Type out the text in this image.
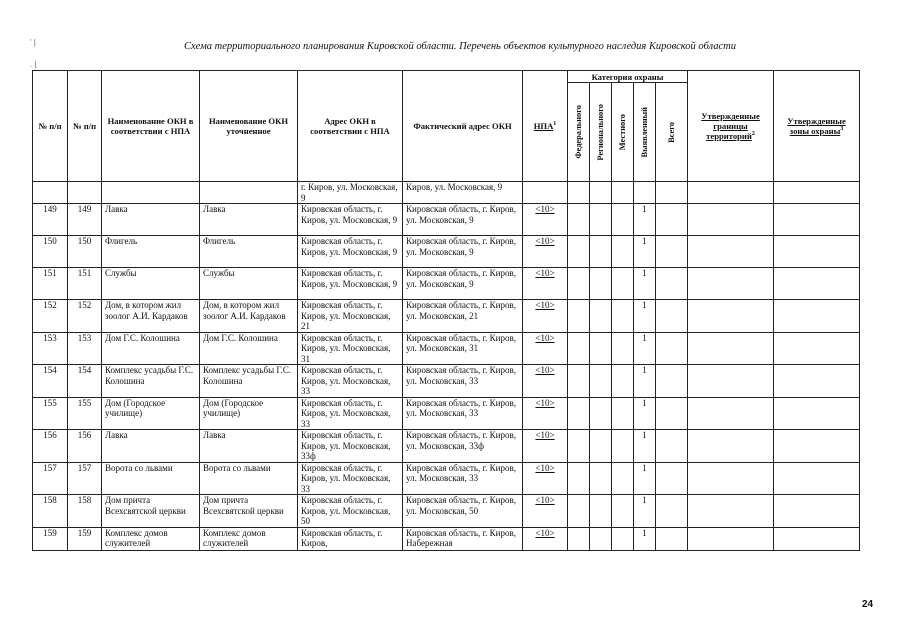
Схема территориального планирования Кировской области. Перечень объектов культурного наследия Кировской области
' |
. |
№ п/п	№ п/п	Наименование ОКН в соответствии с НПА	Наименование ОКН уточненное	Адрес ОКН в соответствии с НПА	Фактический адрес ОКН	НПА$^1$	Категория охраны					Утвержденные границы территорий$^2$	Утвержденные зоны охраны$^3$

							Федерального	Регионального	Местного	Выявленный	Всего		

				г. Киров, ул. Московская, 9	Киров, ул. Московская, 9								
149	149	Лавка	Лавка	Кировская область, г. Киров, ул. Московская, 9	Кировская область, г. Киров, ул. Московская, 9	<10>				1			
150	150	Флигель	Флигель	Кировская область, г. Киров, ул. Московская, 9	Кировская область, г. Киров, ул. Московская, 9	<10>				1			
151	151	Службы	Службы	Кировская область, г. Киров, ул. Московская, 9	Кировская область, г. Киров, ул. Московская, 9	<10>				1			
152	152	Дом, в котором жил зоолог А.И. Кардаков	Дом, в котором жил зоолог А.И. Кардаков	Кировская область, г. Киров, ул. Московская, 21	Кировская область, г. Киров, ул. Московская, 21	<10>				1			
153	153	Дом Г.С. Колошина	Дом Г.С. Колошина	Кировская область, г. Киров, ул. Московская, 31	Кировская область, г. Киров, ул. Московская, 31	<10>				1			
154	154	Комплекс усадьбы Г.С. Колошина	Комплекс усадьбы Г.С. Колошина	Кировская область, г. Киров, ул. Московская, 33	Кировская область, г. Киров, ул. Московская, 33	<10>				1			
155	155	Дом (Городское училище)	Дом (Городское училище)	Кировская область, г. Киров, ул. Московская, 33	Кировская область, г. Киров, ул. Московская, 33	<10>				1			
156	156	Лавка	Лавка	Кировская область, г. Киров, ул. Московская, 33ф	Кировская область, г. Киров, ул. Московская, 33ф	<10>				1			
157	157	Ворота со львами	Ворота со львами	Кировская область, г. Киров, ул. Московская, 33	Кировская область, г. Киров, ул. Московская, 33	<10>				1			
158	158	Дом причта Всехсвятской церкви	Дом причта Всехсвятской церкви	Кировская область, г. Киров, ул. Московская, 50	Кировская область, г. Киров, ул. Московская, 50	<10>				1			
159	159	Комплекс домов служителей	Комплекс домов служителей	Кировская область, г. Киров,	Кировская область, г. Киров, Набережная	<10>				1			
24
